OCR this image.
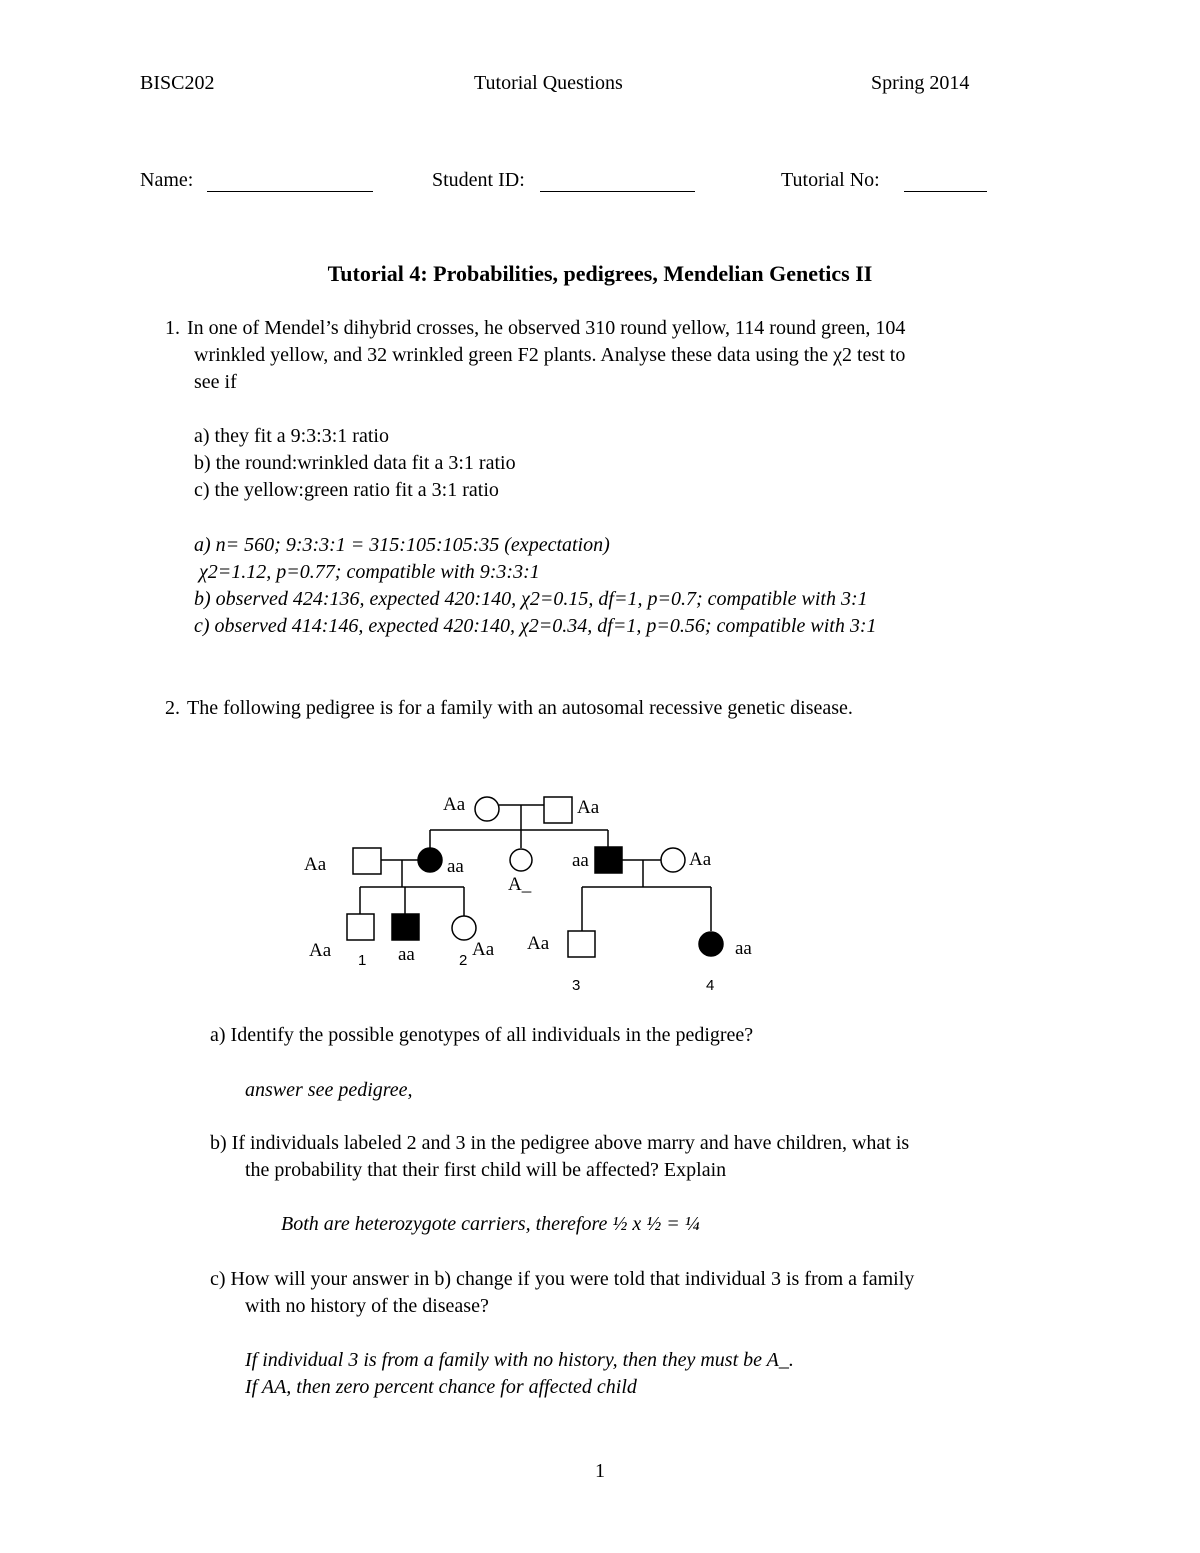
BISC202	Tutorial Questions	Spring 2014
Name:	Student ID:	Tutorial No:
Tutorial 4: Probabilities, pedigrees, Mendelian Genetics II
1. In one of Mendel’s dihybrid crosses, he observed 310 round yellow, 114 round green, 104
wrinkled yellow, and 32 wrinkled green F2 plants. Analyse these data using the χ2 test to
see if
a) they fit a 9:3:3:1 ratio
b) the round:wrinkled data fit a 3:1 ratio
c) the yellow:green ratio fit a 3:1 ratio
a) n= 560; 9:3:3:1 = 315:105:105:35 (expectation)
χ2=1.12, p=0.77; compatible with 9:3:3:1
b) observed 424:136, expected 420:140, χ2=0.15, df=1, p=0.7; compatible with 3:1
c) observed 414:146, expected 420:140, χ2=0.34, df=1, p=0.56; compatible with 3:1
2. The following pedigree is for a family with an autosomal recessive genetic disease.
Aa	Aa
Aa	aa
A_
aa	Aa
Aa	aa	Aa Aa	aa
1	2
3	4
a) Identify the possible genotypes of all individuals in the pedigree?
answer see pedigree,
b) If individuals labeled 2 and 3 in the pedigree above marry and have children, what is
the probability that their first child will be affected? Explain
Both are heterozygote carriers, therefore ½ x ½ = ¼
c) How will your answer in b) change if you were told that individual 3 is from a family
with no history of the disease?
If individual 3 is from a family with no history, then they must be A_.
If AA, then zero percent chance for affected child
1
